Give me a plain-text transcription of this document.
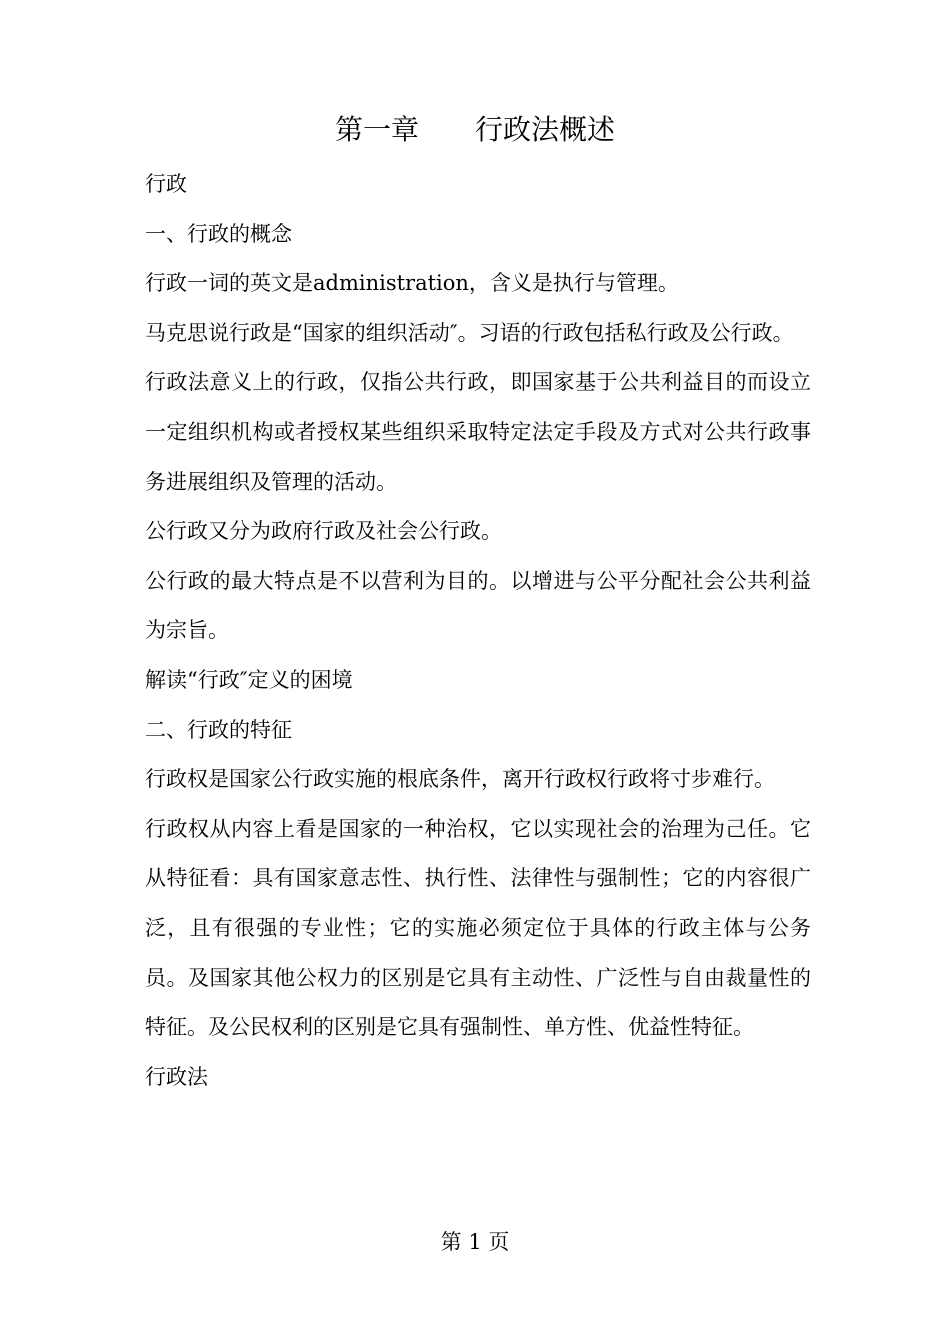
第一章　　行政法概述

行政

一、行政的概念

行政一词的英文是administration，含义是执行与管理。

马克思说行政是“国家的组织活动″。习语的行政包括私行政及公行政。

行政法意义上的行政，仅指公共行政，即国家基于公共利益目的而设立一定组织机构或者授权某些组织采取特定法定手段及方式对公共行政事务进展组织及管理的活动。

公行政又分为政府行政及社会公行政。

公行政的最大特点是不以营利为目的。以增进与公平分配社会公共利益为宗旨。

解读“行政″定义的困境

二、行政的特征

行政权是国家公行政实施的根底条件，离开行政权行政将寸步难行。

行政权从内容上看是国家的一种治权，它以实现社会的治理为己任。它从特征看：具有国家意志性、执行性、法律性与强制性；它的内容很广泛，且有很强的专业性；它的实施必须定位于具体的行政主体与公务员。及国家其他公权力的区别是它具有主动性、广泛性与自由裁量性的特征。及公民权利的区别是它具有强制性、单方性、优益性特征。

行政法

第 1 页
